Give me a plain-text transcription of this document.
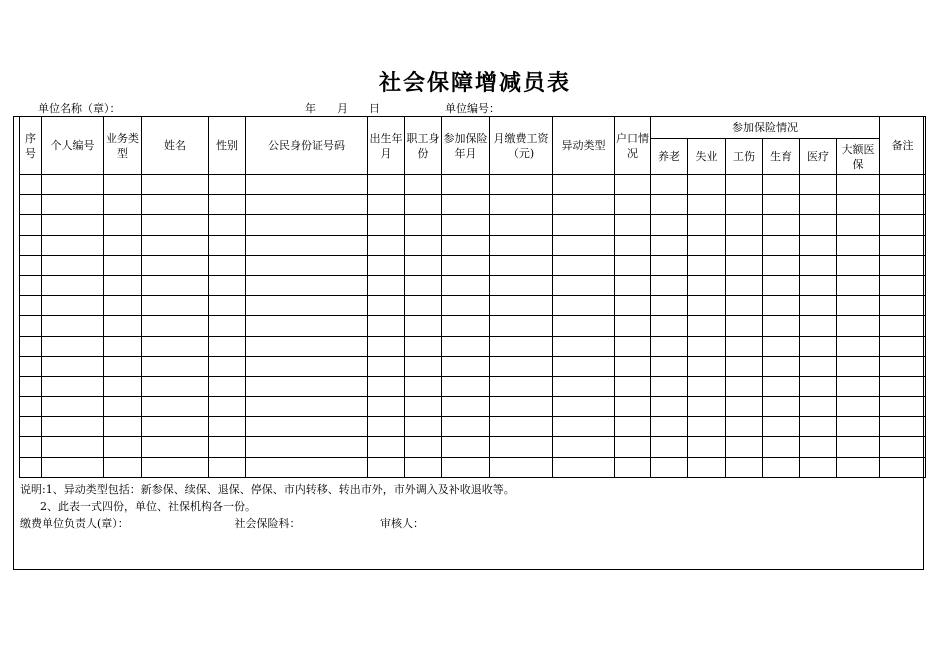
社会保障增减员表
单位名称（章）：	年 月 日	单位编号：
序号	个人编号	业务类型	姓名	性别	公民身份证号码	出生年月	职工身份	参加保险年月	月缴费工资（元)	异动类型	户口情况	参加保险情况						备注
												养老	失业	工伤	生育	医疗	大额医保	

说明:1、异动类型包括：新参保、续保、退保、停保、市内转移、转出市外，市外调入及补收退收等。
2、此表一式四份，单位、社保机构各一份。
缴费单位负责人(章）：	社会保险科：	审核人：
